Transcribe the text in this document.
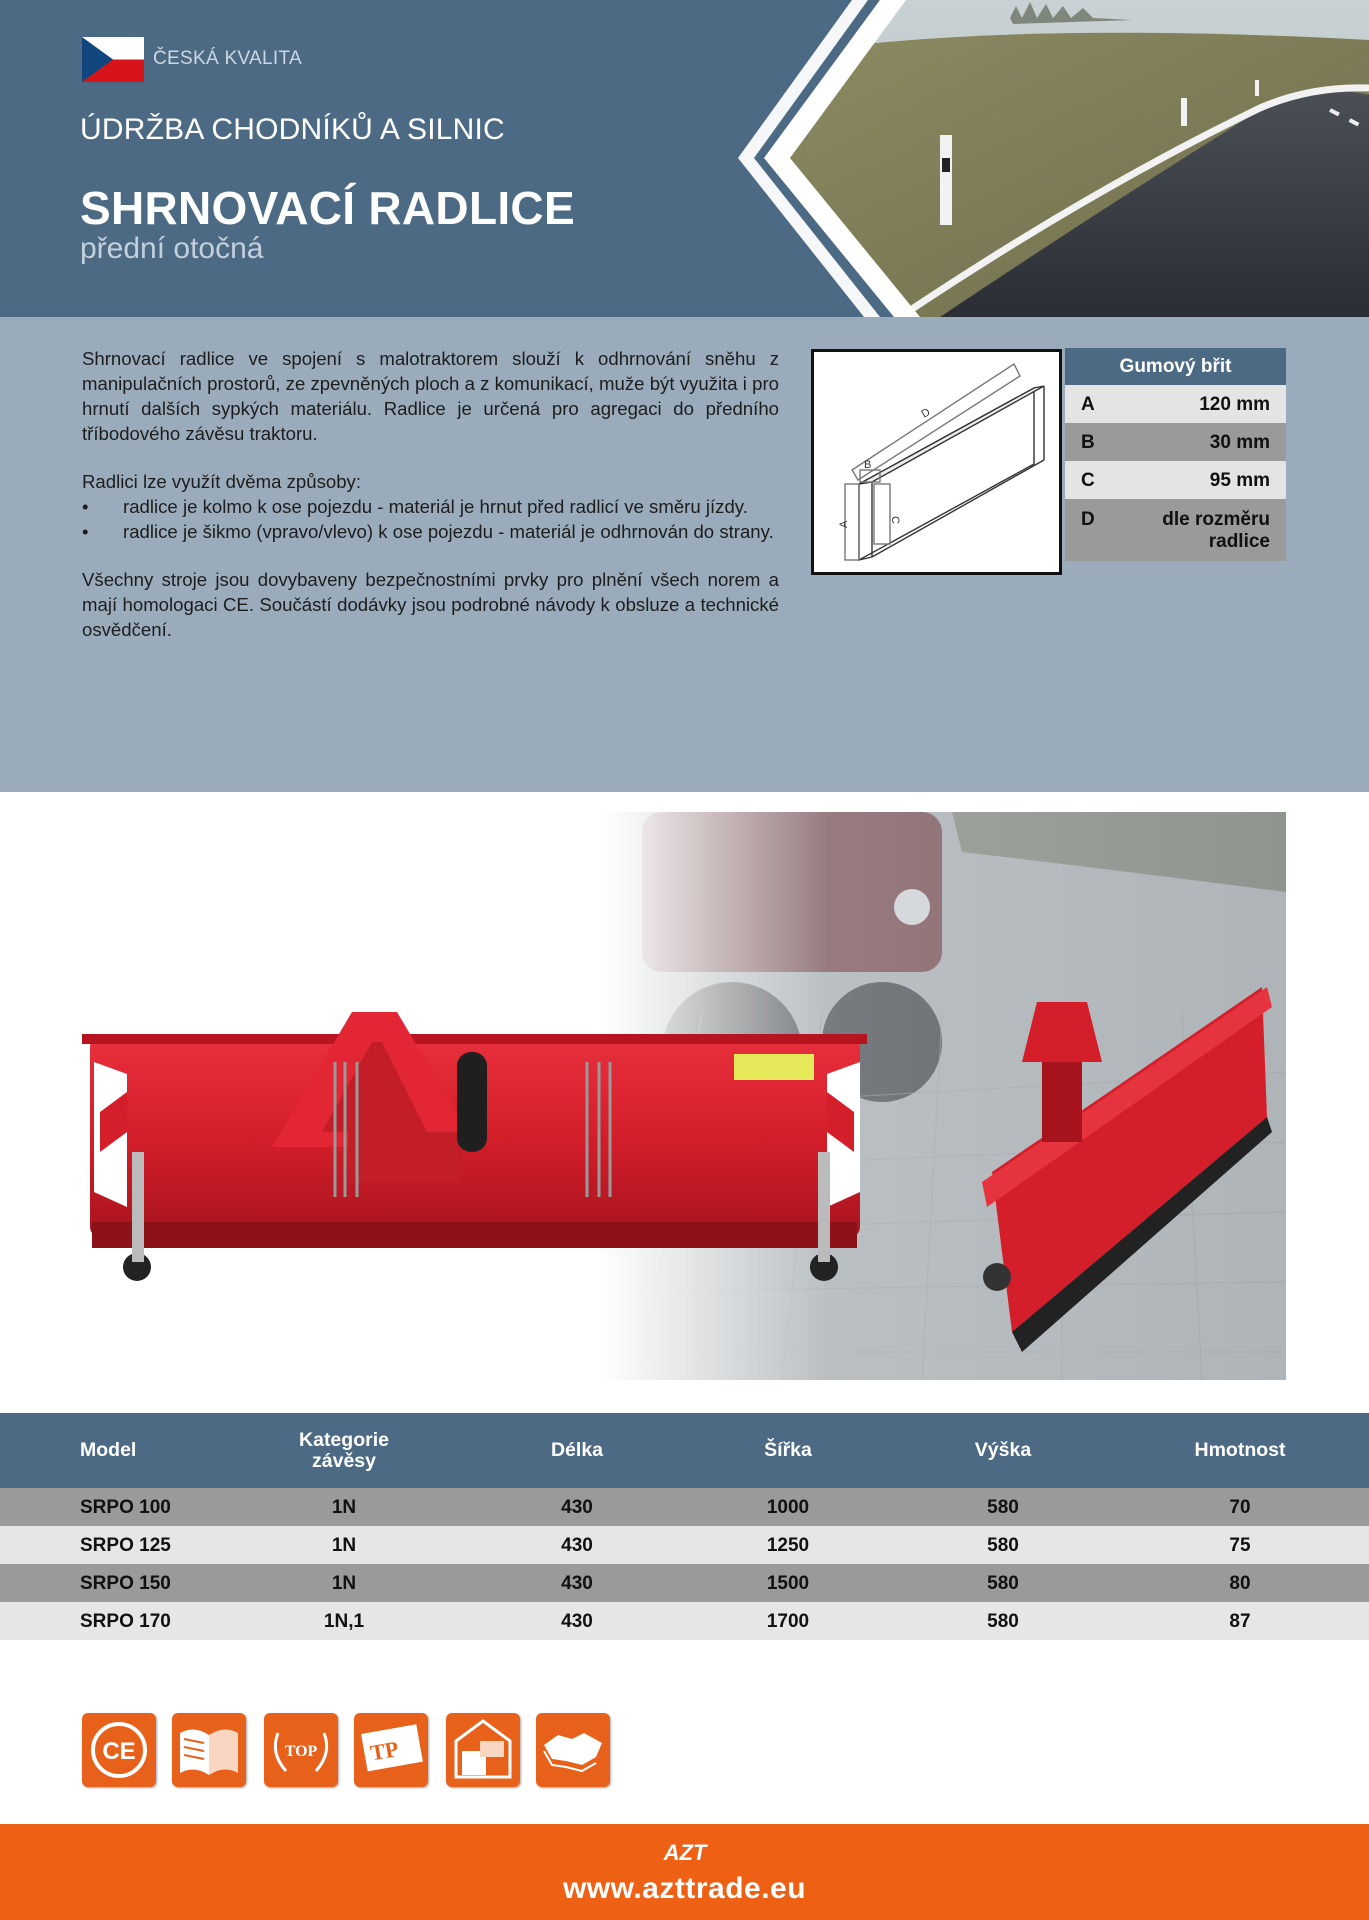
ČESKÁ KVALITA
ÚDRŽBA CHODNÍKŮ A SILNIC
SHRNOVACÍ RADLICE
přední otočná

Shrnovací radlice ve spojení s malotraktorem slouží k odhrnování sněhu z manipulačních prostorů, ze zpevněných ploch a z komunikací, muže být využita i pro hrnutí dalších sypkých materiálu. Radlice je určená pro agregaci do předního tříbodového závěsu traktoru.

Radlici lze využít dvěma způsoby:

• radlice je kolmo k ose pojezdu - materiál je hrnut před radlicí ve směru jízdy.

• radlice je šikmo (vpravo/vlevo) k ose pojezdu - materiál je odhrnován do strany.

Všechny stroje jsou dovybaveny bezpečnostními prvky pro plnění všech norem a mají homologaci CE. Součástí dodávky jsou podrobné návody k obsluze a technické osvědčení.

A
B
C
D
Gumový břit
A	120 mm
B	30 mm
C	95 mm
D	dle rozměru
radlice
Model	Kategorie
závěsy	Délka	Šířka	Výška	Hmotnost
SRPO 100	1N	430	1000	580	70
SRPO 125	1N	430	1250	580	75
SRPO 150	1N	430	1500	580	80
SRPO 170	1N,1	430	1700	580	87
CE	TOP TP
AZT
www.azttrade.eu
